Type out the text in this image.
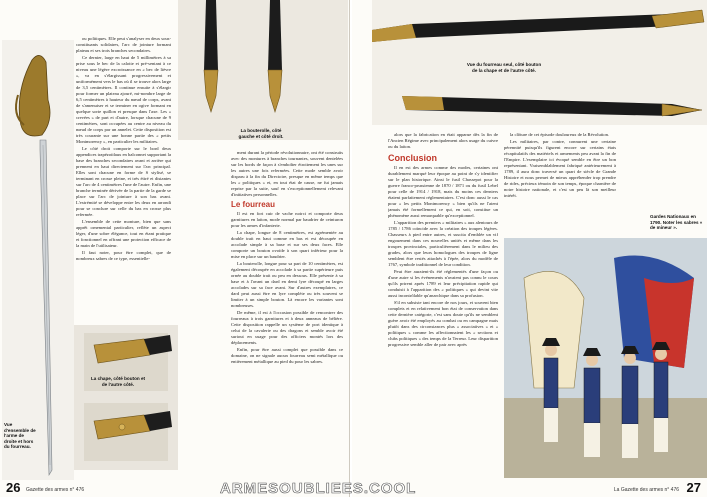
Vue d'ensemble de l'arme de droite et hors du fourreau.

ou politiques. Elle peut s'analyser en deux sous-constituants solidaires, l'arc de jointure formant plateau et ses trois branches secondaires.

Ce dernier, large en haut de 5 millimètres à sa prise sous le bec de la calotte et pré-sentant à ce niveau une légère excroissance en « bec de lièvre », va en s'élargissant progressivement et uniformément vers le bas où il se trouve alors large de 3,5 centimètres. Il continue ensuite à s'élargir pour former un plateau ajouré, mi-nombre large de 6,5 centimètres à hauteur du nœud de corps, avant de s'amenuiser et se terminer en ogive formant en quelque sorte quillon et presque dans l'axe. Les « crevées » de part et d'autre, lorsque chacune de 9 centimètres, sont occupées au centre au niveau du nœud de corps par un annelet. Cette disposition est très courante sur une bonne partie des « petits Montmorency », en particulier les militaires.

Le côté droit comporte sur le bord deux appendices trapézoïdaux en balconnet supportant la base des branches secondaires avant et arrière qui prennent en haut directement sur l'arc principal. Elles sont chacune en forme de S stylisé, se terminant en crosse pleine, et très étiré et distantes sur l'arc de 4 centimètres l'une de l'autre. Enfin, une branche terminée dérivée de la partie de la garde se place sur l'arc de jointure à son bas avant. L'extrémité se développe entre les deux en arrondi pour se conclure sur celle du bas en crosse plus refermée.

L'ensemble de cette monture, bien que sans apprêt ornemental particulier, reflète un aspect léger, d'une sobre élégance, tout en étant pratique et fonctionnel en offrant une protection efficace de la main de l'utilisateur.

Il faut noter, pour être complet, que de nombreux sabres de ce type, essentielle-

La chape, côté bouton et de l'autre côté.
La bouterolle, côté gauche et côté droit.

ment durant la période révolutionnaire, ont été construits avec des montures à branches tournantes, souvent dentelées sur les bords de façon à s'emboîter étroitement les unes sur les autres une fois refermées. Cette mode semble avoir disparu à la fin du Directoire, presque en même temps que les « politiques » et, en tout état de cause, ne fut jamais reprise par la suite, sauf en s'exceptionnellement relevant d'initiatives personnelles.

Le fourreau

Il est en fort cuir de vache noirci et comporte deux garnitures en laiton, mode normal par baudrier de ceinturon pour les armes d'infanterie.

La chape, longue de 8 centimètres, est agrémentée au double trait en haut comme en bas et est découpée en accolade simple à sa base et sur ses deux faces. Elle comporte un bouton ovoïde à son quart inférieur pour la mise en place sur un baudrier.

La bouterolle, longue pour sa part de 10 centimètres, est également découpée en accolade à sa partie supérieure puis ornée au double trait ou peu en dessous. Elle présente à sa base et à l'avant un dard en demi lyre découpé en larges accolades sur sa face avant. Sur d'autres exemplaires, ce dard peut aussi être en lyre complète ou très souvent se limiter à un simple bouton. Là encore les variantes sont nombreuses.

De même, il est à l'occasion possible de rencontrer des fourreaux à trois garnitures et à deux anneaux de bélière. Cette disposition rappelle un système de port identique à celui de la cavalerie ou des dragons et semble avoir été surtout en usage pour des officiers montés lors des déplacements.

Enfin, pour être aussi complet que possible dans ce domaine, on ne signale aucun fourreau semi métallique ou entièrement métallique au pied du pour les sabres.

26 Gazette des armes n° 476
Vue du fourreau seul, côté bouton de la chape et de l'autre côté.

alors que la fabrication en était apparue dès la fin de l'Ancien Régime avec principalement alors usage du cuivre ou du laiton.

Conclusion

Il en est des armes comme des modes, certaines ont durablement marqué leur époque au point de s'y identifier sur le plan historique. Ainsi le fusil Chassepot pour la guerre franco-prussienne de 1870 / 1871 ou du fusil Lebel pour celle de 1914 / 1918, mais du moins ces derniers étaient parfaitement réglementaires. C'est donc aussi le cas pour « les petits Montmorency » bien qu'ils ne l'aient jamais été formellement ce qui, en soit, constitue un phénomène aussi remarquable qu'exceptionnel.

L'apparition des premiers « militaires » aux alentours de 1785 / 1786 coïncide avec la création des troupes légères. Chasseurs à pied entre autres, et suscita d'emblée un vif engouement dans ces nouvelles unités et même dans les troupes provinciales, particulièrement dans le milieu des grades, alors que leurs homologues des troupes de ligne semblent être restés attachés à l'épée, alors du modèle de 1767, symbole traditionnel de leur condition.

Peut être auraient-ils été réglementés d'une façon ou d'une autre si les événements n'avaient pas connu le cours qu'ils prirent après 1789 et leur précipitation rapide qui conduisit à l'apparition des « politiques » qui devint vite aussi incontrôlable qu'anarchique dans sa profusion.

S'il en subsiste tant encore de nos jours, et souvent bien complets et en relativement bon état de conservation dans cette dernière catégorie, c'est sans doute qu'ils ne semblent guère avoir été employés au combat ou en campagne mais plutôt dans des circonstances plus « associatives » et « politiques » comme les affectionnaient les « sections et clubs politiques » des temps de la Terreur. Leur disparition progressive semble aller de pair avec après

la clôture de cet épisode douloureux de la Révolution.

Les militaires, par contre, connurent une certaine pérennité puisqu'ils figurent encore sur certains états récapitulatifs des matériels et armements peu avant la fin de l'Empire. L'exemplaire ici évoqué semble en être un bon représentant. Vraisemblablement fabriqué antérieurement à 1789, il aura donc traversé un quart de siècle de Grande Histoire et nous permet de mieux appréhender trop prendre de rides, précieux témoin de son temps, époque charnière de notre histoire nationale, et c'est un peu là son meilleur intérêt.

Gardes Nationaux en 1790. Noter les sabres « de mineur ».
27
La Gazette des armes n° 476
ARMESOUBLIEES.COOL
